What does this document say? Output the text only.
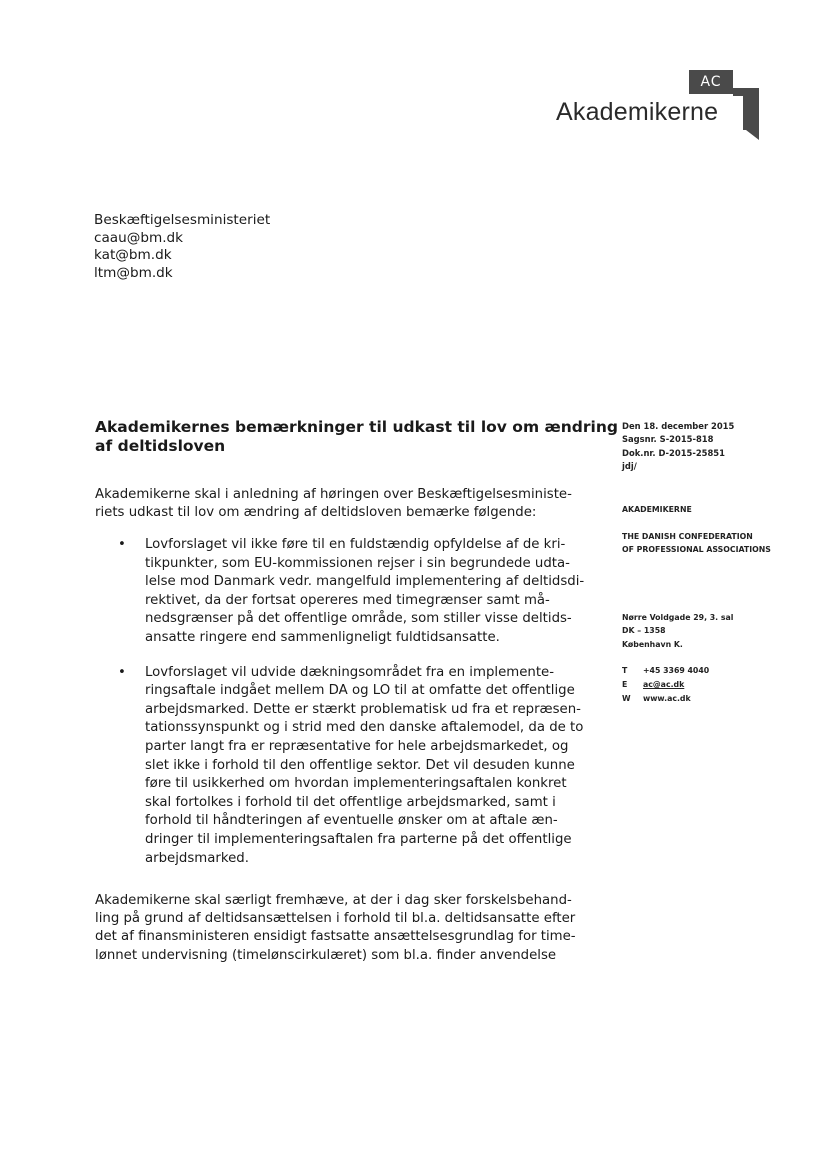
AC
Akademikerne
Beskæftigelsesministeriet
caau@bm.dk
kat@bm.dk
ltm@bm.dk
Akademikernes bemærkninger til udkast til lov om ændring
af deltidsloven
Den 18. december 2015
Sagsnr. S-2015-818
Dok.nr. D-2015-25851
jdj/
AKADEMIKERNE
THE DANISH CONFEDERATION
OF PROFESSIONAL ASSOCIATIONS
Nørre Voldgade 29, 3. sal
DK – 1358
København K.
T +45 3369 4040
E ac@ac.dk
W www.ac.dk
Akademikerne skal i anledning af høringen over Beskæftigelsesministe-
riets udkast til lov om ændring af deltidsloven bemærke følgende:
• Lovforslaget vil ikke føre til en fuldstændig opfyldelse af de kri-
tikpunkter, som EU-kommissionen rejser i sin begrundede udta-
lelse mod Danmark vedr. mangelfuld implementering af deltidsdi-
rektivet, da der fortsat opereres med timegrænser samt må-
nedsgrænser på det offentlige område, som stiller visse deltids-
ansatte ringere end sammenligneligt fuldtidsansatte.
• Lovforslaget vil udvide dækningsområdet fra en implemente-
ringsaftale indgået mellem DA og LO til at omfatte det offentlige
arbejdsmarked. Dette er stærkt problematisk ud fra et repræsen-
tationssynspunkt og i strid med den danske aftalemodel, da de to
parter langt fra er repræsentative for hele arbejdsmarkedet, og
slet ikke i forhold til den offentlige sektor. Det vil desuden kunne
føre til usikkerhed om hvordan implementeringsaftalen konkret
skal fortolkes i forhold til det offentlige arbejdsmarked, samt i
forhold til håndteringen af eventuelle ønsker om at aftale æn-
dringer til implementeringsaftalen fra parterne på det offentlige
arbejdsmarked.
Akademikerne skal særligt fremhæve, at der i dag sker forskelsbehand-
ling på grund af deltidsansættelsen i forhold til bl.a. deltidsansatte efter
det af finansministeren ensidigt fastsatte ansættelsesgrundlag for time-
lønnet undervisning (timelønscirkulæret) som bl.a. finder anvendelse
